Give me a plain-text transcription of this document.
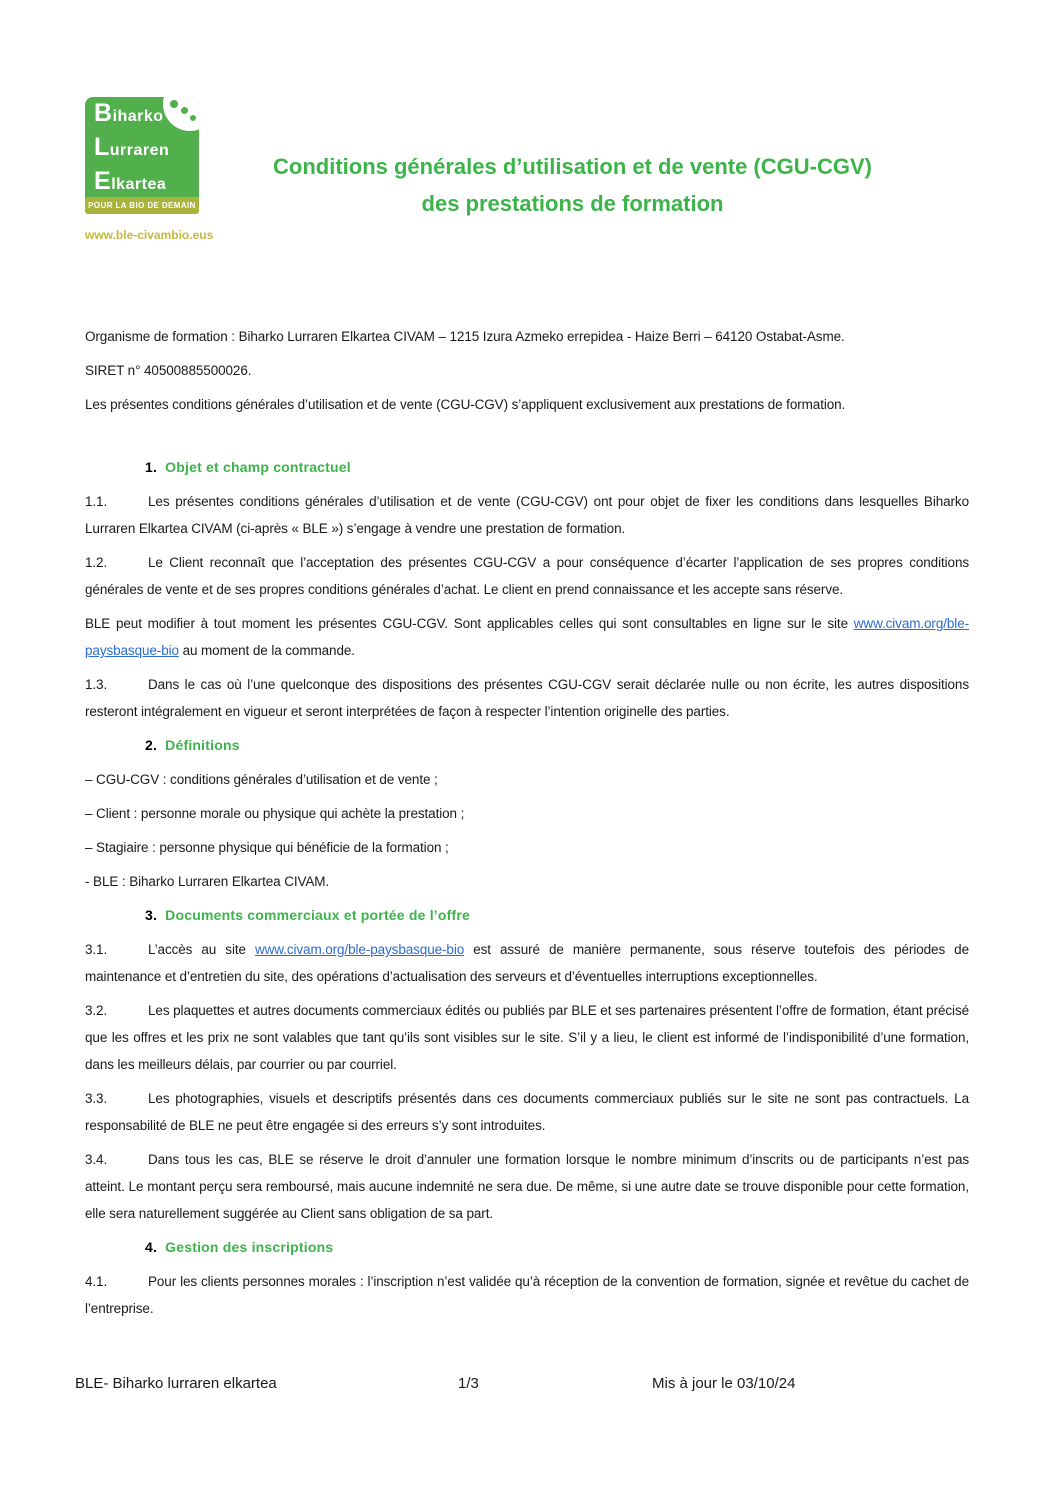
Biharko
Lurraren
Elkartea
POUR LA BIO DE DEMAIN
www.ble-civambio.eus
Conditions générales d’utilisation et de vente (CGU-CGV)
des prestations de formation

Organisme de formation : Biharko Lurraren Elkartea CIVAM – 1215 Izura Azmeko errepidea - Haize Berri – 64120 Ostabat-Asme.

SIRET n° 40500885500026.

Les présentes conditions générales d’utilisation et de vente (CGU-CGV) s’appliquent exclusivement aux prestations de formation.

1. Objet et champ contractuel

1.1.	Les présentes conditions générales d’utilisation et de vente (CGU-CGV) ont pour objet de fixer les conditions dans lesquelles Biharko Lurraren Elkartea CIVAM (ci-après « BLE ») s’engage à vendre une prestation de formation.

1.2.	Le Client reconnaît que l’acceptation des présentes CGU-CGV a pour conséquence d’écarter l’application de ses propres conditions générales de vente et de ses propres conditions générales d’achat. Le client en prend connaissance et les accepte sans réserve.

BLE peut modifier à tout moment les présentes CGU-CGV. Sont applicables celles qui sont consultables en ligne sur le site www.civam.org/ble-paysbasque-bio au moment de la commande.

1.3.	Dans le cas où l’une quelconque des dispositions des présentes CGU-CGV serait déclarée nulle ou non écrite, les autres dispositions resteront intégralement en vigueur et seront interprétées de façon à respecter l’intention originelle des parties.

2. Définitions

– CGU-CGV : conditions générales d’utilisation et de vente ;

– Client : personne morale ou physique qui achète la prestation ;

– Stagiaire : personne physique qui bénéficie de la formation ;

- BLE : Biharko Lurraren Elkartea CIVAM.

3. Documents commerciaux et portée de l’offre

3.1.	L’accès au site www.civam.org/ble-paysbasque-bio est assuré de manière permanente, sous réserve toutefois des périodes de maintenance et d’entretien du site, des opérations d’actualisation des serveurs et d’éventuelles interruptions exceptionnelles.

3.2.	Les plaquettes et autres documents commerciaux édités ou publiés par BLE et ses partenaires présentent l’offre de formation, étant précisé que les offres et les prix ne sont valables que tant qu’ils sont visibles sur le site. S’il y a lieu, le client est informé de l’indisponibilité d’une formation, dans les meilleurs délais, par courrier ou par courriel.

3.3.	Les photographies, visuels et descriptifs présentés dans ces documents commerciaux publiés sur le site ne sont pas contractuels. La responsabilité de BLE ne peut être engagée si des erreurs s’y sont introduites.

3.4.	Dans tous les cas, BLE se réserve le droit d’annuler une formation lorsque le nombre minimum d’inscrits ou de participants n’est pas atteint. Le montant perçu sera remboursé, mais aucune indemnité ne sera due. De même, si une autre date se trouve disponible pour cette formation, elle sera naturellement suggérée au Client sans obligation de sa part.

4. Gestion des inscriptions

4.1.	Pour les clients personnes morales : l’inscription n’est validée qu’à réception de la convention de formation, signée et revêtue du cachet de l’entreprise.

BLE- Biharko lurraren elkartea	1/3	Mis à jour le 03/10/24
